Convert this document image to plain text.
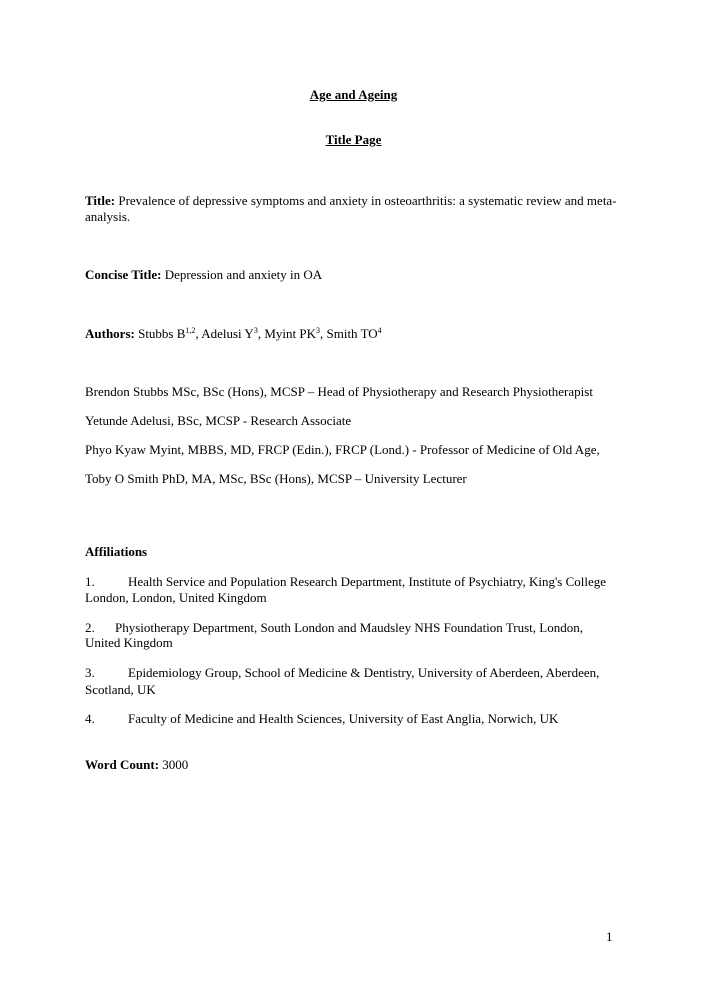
Age and Ageing
Title Page
Title: Prevalence of depressive symptoms and anxiety in osteoarthritis: a systematic review and meta-
analysis.
Concise Title: Depression and anxiety in OA
Authors: Stubbs B$^{1,2}$, Adelusi $Y^3$, Myint $PK^3$, Smith $TO^4$
Brendon Stubbs MSc, BSc (Hons), MCSP – Head of Physiotherapy and Research Physiotherapist
Yetunde Adelusi, BSc, MCSP - Research Associate
Phyo Kyaw Myint, MBBS, MD, FRCP (Edin.), FRCP (Lond.) - Professor of Medicine of Old Age,
Toby O Smith PhD, MA, MSc, BSc (Hons), MCSP – University Lecturer
Affiliations
1.	Health Service and Population Research Department, Institute of Psychiatry, King's College
London, London, United Kingdom
2. Physiotherapy Department, South London and Maudsley NHS Foundation Trust, London,
United Kingdom
3.	Epidemiology Group, School of Medicine & Dentistry, University of Aberdeen, Aberdeen,
Scotland, UK
4.	Faculty of Medicine and Health Sciences, University of East Anglia, Norwich, UK
Word Count: 3000
1
